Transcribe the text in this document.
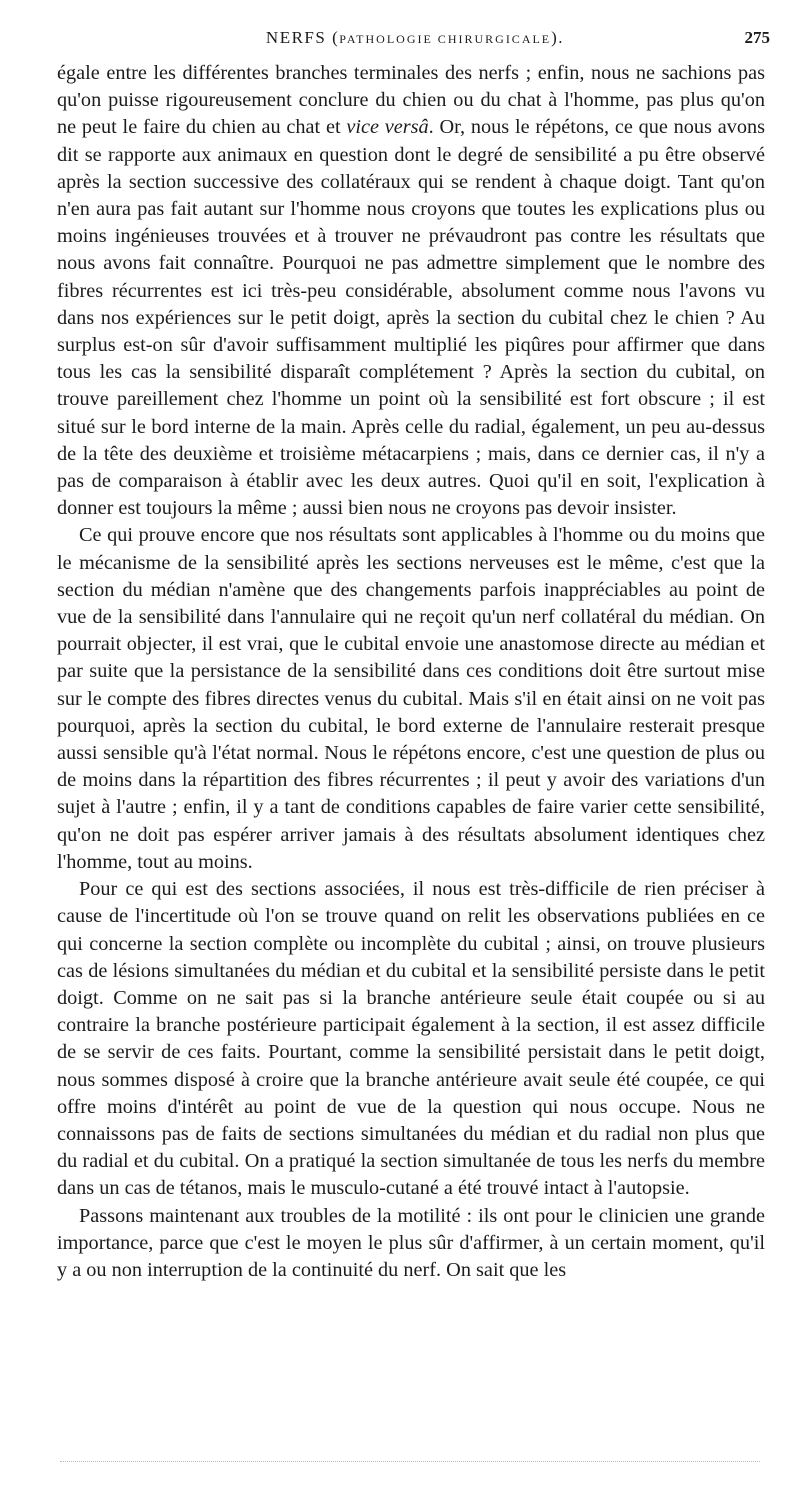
NERFS (PATHOLOGIE CHIRURGICALE).	275

égale entre les différentes branches terminales des nerfs ; enfin, nous ne sachions pas qu'on puisse rigoureusement conclure du chien ou du chat à l'homme, pas plus qu'on ne peut le faire du chien au chat et vice versâ. Or, nous le répétons, ce que nous avons dit se rapporte aux animaux en question dont le degré de sensibilité a pu être observé après la section successive des collatéraux qui se rendent à chaque doigt. Tant qu'on n'en aura pas fait autant sur l'homme nous croyons que toutes les explications plus ou moins ingénieuses trouvées et à trouver ne prévaudront pas contre les résultats que nous avons fait connaître. Pourquoi ne pas admettre simplement que le nombre des fibres récurrentes est ici très-peu considérable, absolument comme nous l'avons vu dans nos expériences sur le petit doigt, après la section du cubital chez le chien ? Au surplus est-on sûr d'avoir suffisamment multiplié les piqûres pour affirmer que dans tous les cas la sensibilité disparaît complétement ? Après la section du cubital, on trouve pareillement chez l'homme un point où la sensibilité est fort obscure ; il est situé sur le bord interne de la main. Après celle du radial, également, un peu au-dessus de la tête des deuxième et troisième métacarpiens ; mais, dans ce dernier cas, il n'y a pas de comparaison à établir avec les deux autres. Quoi qu'il en soit, l'explication à donner est toujours la même ; aussi bien nous ne croyons pas devoir insister.

Ce qui prouve encore que nos résultats sont applicables à l'homme ou du moins que le mécanisme de la sensibilité après les sections nerveuses est le même, c'est que la section du médian n'amène que des changements parfois inappréciables au point de vue de la sensibilité dans l'annulaire qui ne reçoit qu'un nerf collatéral du médian. On pourrait objecter, il est vrai, que le cubital envoie une anastomose directe au médian et par suite que la persistance de la sensibilité dans ces conditions doit être surtout mise sur le compte des fibres directes venus du cubital. Mais s'il en était ainsi on ne voit pas pourquoi, après la section du cubital, le bord externe de l'annulaire resterait presque aussi sensible qu'à l'état normal. Nous le répétons encore, c'est une question de plus ou de moins dans la répartition des fibres récurrentes ; il peut y avoir des variations d'un sujet à l'autre ; enfin, il y a tant de conditions capables de faire varier cette sensibilité, qu'on ne doit pas espérer arriver jamais à des résultats absolument identiques chez l'homme, tout au moins.

Pour ce qui est des sections associées, il nous est très-difficile de rien préciser à cause de l'incertitude où l'on se trouve quand on relit les observations publiées en ce qui concerne la section complète ou incomplète du cubital ; ainsi, on trouve plusieurs cas de lésions simultanées du médian et du cubital et la sensibilité persiste dans le petit doigt. Comme on ne sait pas si la branche antérieure seule était coupée ou si au contraire la branche postérieure participait également à la section, il est assez difficile de se servir de ces faits. Pourtant, comme la sensibilité persistait dans le petit doigt, nous sommes disposé à croire que la branche antérieure avait seule été coupée, ce qui offre moins d'intérêt au point de vue de la question qui nous occupe. Nous ne connaissons pas de faits de sections simultanées du médian et du radial non plus que du radial et du cubital. On a pratiqué la section simultanée de tous les nerfs du membre dans un cas de tétanos, mais le musculo-cutané a été trouvé intact à l'autopsie.

Passons maintenant aux troubles de la motilité : ils ont pour le clinicien une grande importance, parce que c'est le moyen le plus sûr d'affirmer, à un certain moment, qu'il y a ou non interruption de la continuité du nerf. On sait que les
